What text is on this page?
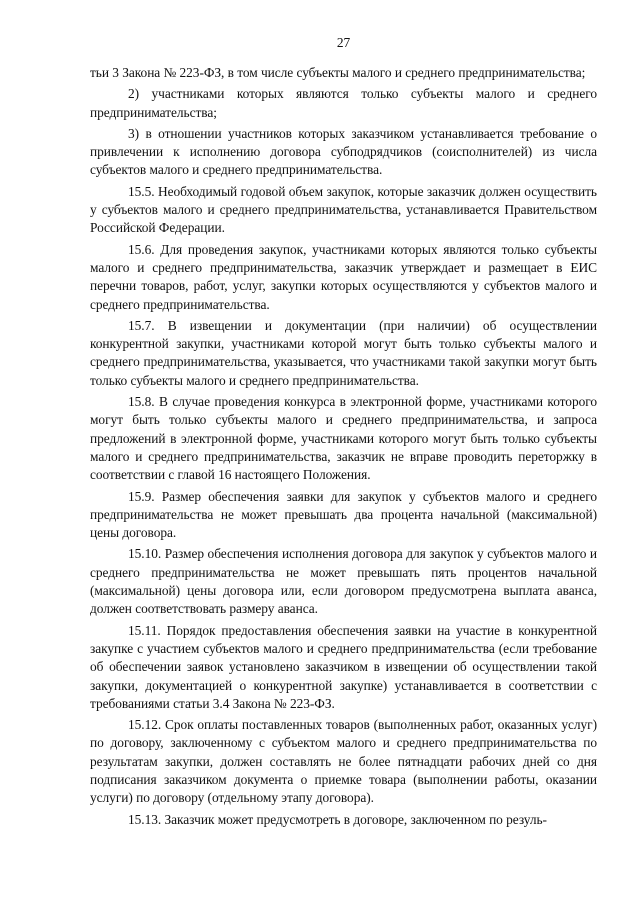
27

тьи 3 Закона № 223-ФЗ, в том числе субъекты малого и среднего предпринимательства;

2) участниками которых являются только субъекты малого и среднего предпринимательства;

3) в отношении участников которых заказчиком устанавливается требование о привлечении к исполнению договора субподрядчиков (соисполнителей) из числа субъектов малого и среднего предпринимательства.

15.5. Необходимый годовой объем закупок, которые заказчик должен осуществить у субъектов малого и среднего предпринимательства, устанавливается Правительством Российской Федерации.

15.6. Для проведения закупок, участниками которых являются только субъекты малого и среднего предпринимательства, заказчик утверждает и размещает в ЕИС перечни товаров, работ, услуг, закупки которых осуществляются у субъектов малого и среднего предпринимательства.

15.7. В извещении и документации (при наличии) об осуществлении конкурентной закупки, участниками которой могут быть только субъекты малого и среднего предпринимательства, указывается, что участниками такой закупки могут быть только субъекты малого и среднего предпринимательства.

15.8. В случае проведения конкурса в электронной форме, участниками которого могут быть только субъекты малого и среднего предпринимательства, и запроса предложений в электронной форме, участниками которого могут быть только субъекты малого и среднего предпринимательства, заказчик не вправе проводить переторжку в соответствии с главой 16 настоящего Положения.

15.9. Размер обеспечения заявки для закупок у субъектов малого и среднего предпринимательства не может превышать два процента начальной (максимальной) цены договора.

15.10. Размер обеспечения исполнения договора для закупок у субъектов малого и среднего предпринимательства не может превышать пять процентов начальной (максимальной) цены договора или, если договором предусмотрена выплата аванса, должен соответствовать размеру аванса.

15.11. Порядок предоставления обеспечения заявки на участие в конкурентной закупке с участием субъектов малого и среднего предпринимательства (если требование об обеспечении заявок установлено заказчиком в извещении об осуществлении такой закупки, документацией о конкурентной закупке) устанавливается в соответствии с требованиями статьи 3.4 Закона № 223-ФЗ.

15.12. Срок оплаты поставленных товаров (выполненных работ, оказанных услуг) по договору, заключенному с субъектом малого и среднего предпринимательства по результатам закупки, должен составлять не более пятнадцати рабочих дней со дня подписания заказчиком документа о приемке товара (выполнении работы, оказании услуги) по договору (отдельному этапу договора).

15.13. Заказчик может предусмотреть в договоре, заключенном по резуль-
